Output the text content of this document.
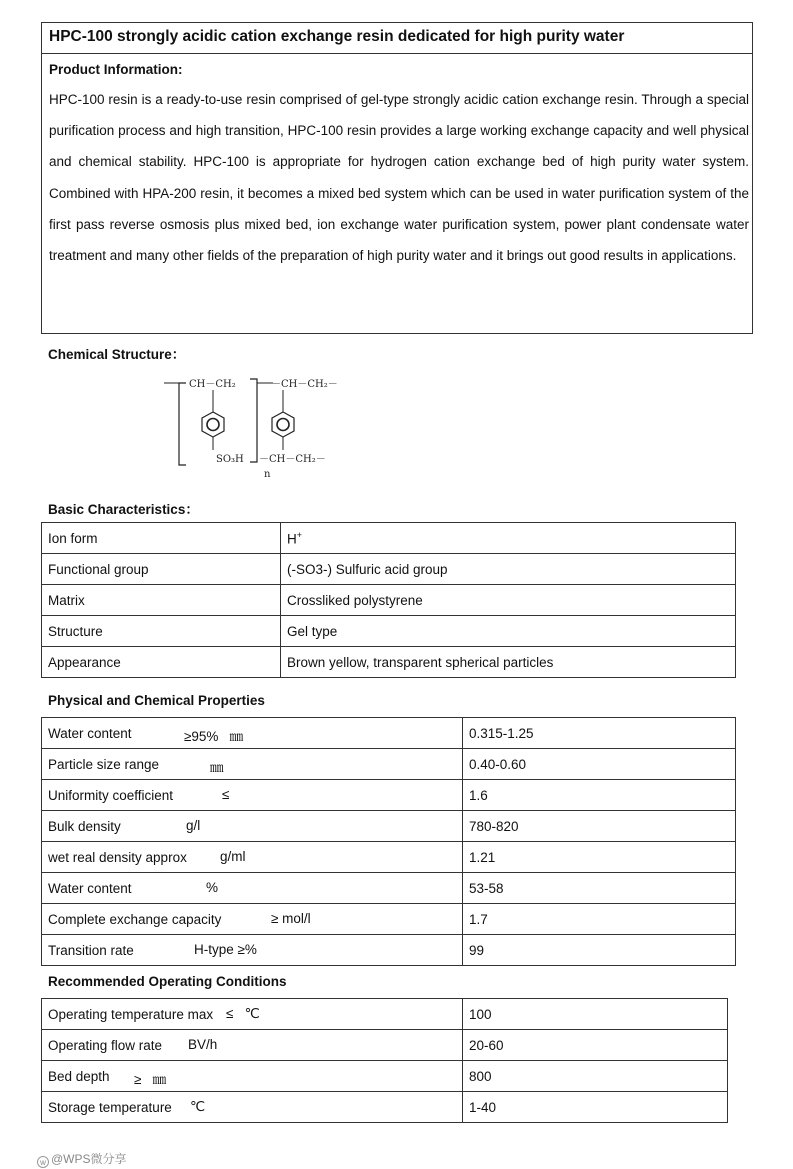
HPC-100 strongly acidic cation exchange resin dedicated for high purity water
Product Information:
HPC-100 resin is a ready-to-use resin comprised of gel-type strongly acidic cation exchange resin. Through a special purification process and high transition, HPC-100 resin provides a large working exchange capacity and well physical and chemical stability. HPC-100 is appropriate for hydrogen cation exchange bed of high purity water system. Combined with HPA-200 resin, it becomes a mixed bed system which can be used in water purification system of the first pass reverse osmosis plus mixed bed, ion exchange water purification system, power plant condensate water treatment and many other fields of the preparation of high purity water and it brings out good results in applications.
Chemical Structure：
CH－CH₂
SO₃H
－CH－CH₂－
－CH－CH₂－
n
Basic Characteristics：
Ion form	H+
Functional group	(-SO3-) Sulfuric acid group
Matrix	Crossliked polystyrene
Structure	Gel type
Appearance	Brown yellow, transparent spherical particles
Physical and Chemical Properties
Water content ≥95%   ㎜	0.315-1.25
Particle size range ㎜	0.40-0.60
Uniformity coefficient ≤	1.6
Bulk density g/l	780-820
wet real density approx g/ml	1.21
Water content %	53-58
Complete exchange capacity ≥ mol/l	1.7
Transition rate H-type ≥%	99
Recommended Operating Conditions
Operating temperature max ≤   ℃	100
Operating flow rate BV/h	20-60
Bed depth ≥   ㎜	800
Storage temperature ℃	1-40
w @WPS微分享
